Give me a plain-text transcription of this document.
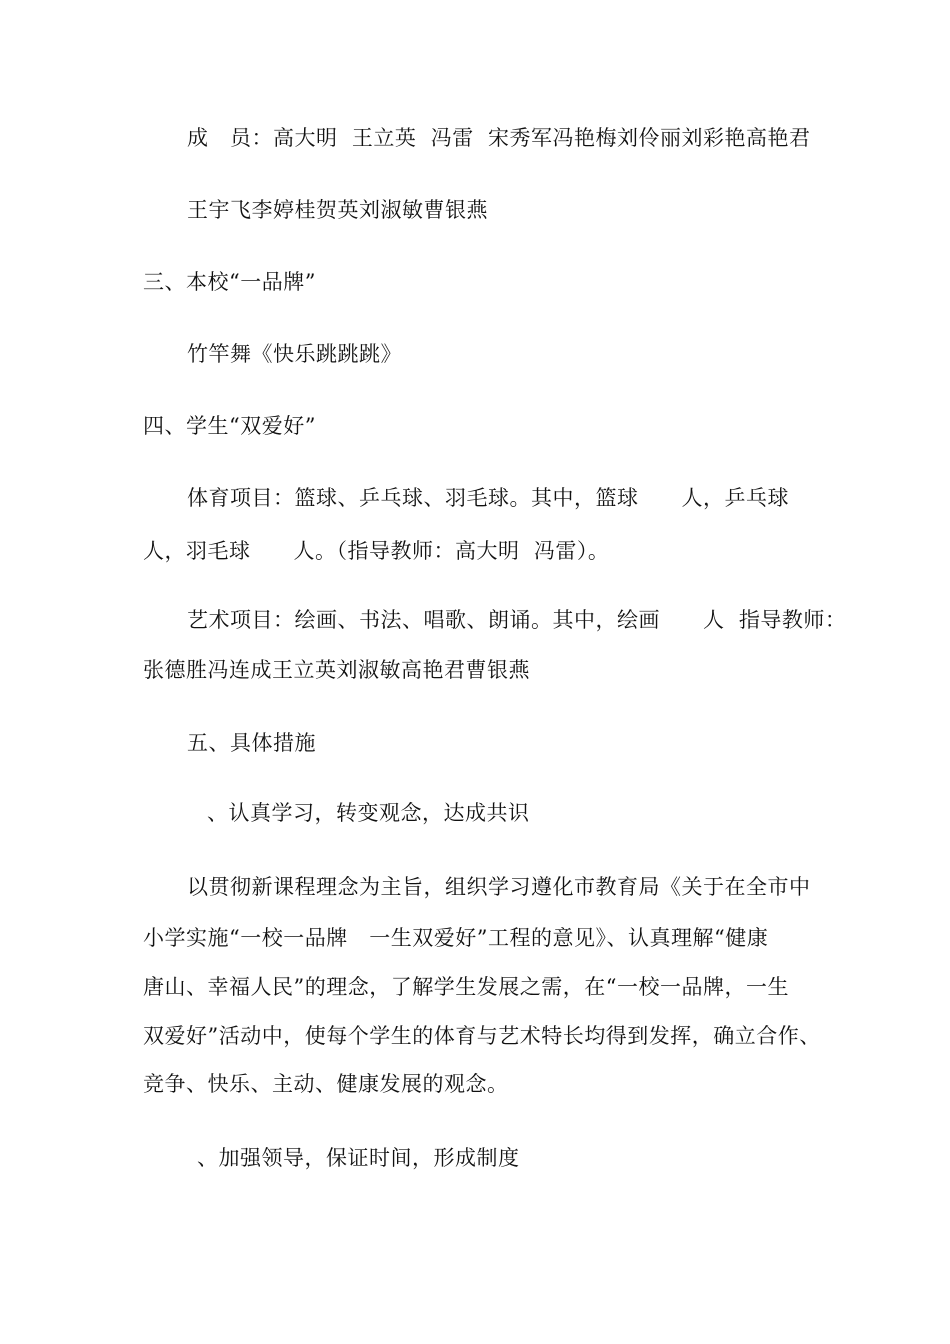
成　员：高大明  王立英  冯雷  宋秀军冯艳梅刘伶丽刘彩艳高艳君
王宇飞李婷桂贺英刘淑敏曹银燕
三、本校“一品牌”
竹竿舞《快乐跳跳跳》
四、学生“双爱好”
体育项目：篮球、乒乓球、羽毛球。其中，篮球　　人，乒乓球
人，羽毛球　　人。（指导教师：高大明  冯雷）。
艺术项目：绘画、书法、唱歌、朗诵。其中，绘画　　人  指导教师：
张德胜冯连成王立英刘淑敏高艳君曹银燕
五、具体措施
、认真学习，转变观念，达成共识
以贯彻新课程理念为主旨，组织学习遵化市教育局《关于在全市中
小学实施“一校一品牌　一生双爱好”工程的意见》、认真理解“健康
唐山、幸福人民”的理念，了解学生发展之需，在“一校一品牌，一生
双爱好”活动中，使每个学生的体育与艺术特长均得到发挥，确立合作、
竞争、快乐、主动、健康发展的观念。
、加强领导，保证时间，形成制度
